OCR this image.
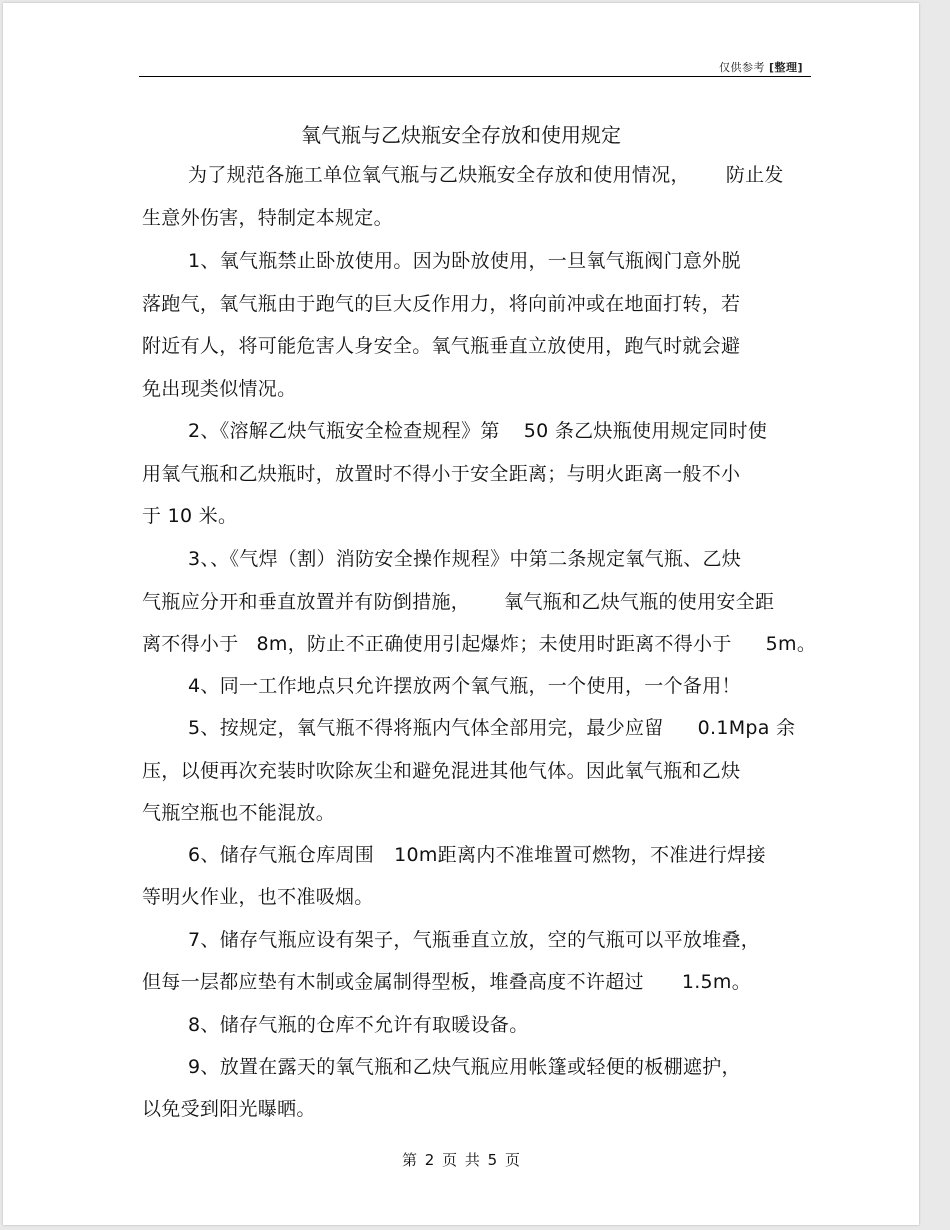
仅供参考 [整理]
氧气瓶与乙炔瓶安全存放和使用规定
为了规范各施工单位氧气瓶与乙炔瓶安全存放和使用情况， 防止发
生意外伤害，特制定本规定。
1、氧气瓶禁止卧放使用。因为卧放使用，一旦氧气瓶阀门意外脱
落跑气，氧气瓶由于跑气的巨大反作用力，将向前冲或在地面打转，若
附近有人，将可能危害人身安全。氧气瓶垂直立放使用，跑气时就会避
免出现类似情况。
2、《溶解乙炔气瓶安全检查规程》第 50 条乙炔瓶使用规定同时使
用氧气瓶和乙炔瓶时，放置时不得小于安全距离；与明火距离一般不小
于 10 米。
3、、《气焊（割）消防安全操作规程》中第二条规定氧气瓶、乙炔
气瓶应分开和垂直放置并有防倒措施， 氧气瓶和乙炔气瓶的使用安全距
离不得小于 8m，防止不正确使用引起爆炸；未使用时距离不得小于 5m。
4、同一工作地点只允许摆放两个氧气瓶，一个使用，一个备用！
5、按规定，氧气瓶不得将瓶内气体全部用完，最少应留 0.1Mpa 余
压，以便再次充装时吹除灰尘和避免混进其他气体。因此氧气瓶和乙炔
气瓶空瓶也不能混放。
6、储存气瓶仓库周围 10m距离内不准堆置可燃物，不准进行焊接
等明火作业，也不准吸烟。
7、储存气瓶应设有架子，气瓶垂直立放，空的气瓶可以平放堆叠，
但每一层都应垫有木制或金属制得型板，堆叠高度不许超过 1.5m。
8、储存气瓶的仓库不允许有取暖设备。
9、放置在露天的氧气瓶和乙炔气瓶应用帐篷或轻便的板棚遮护，
以免受到阳光曝晒。
第 2 页 共 5 页
